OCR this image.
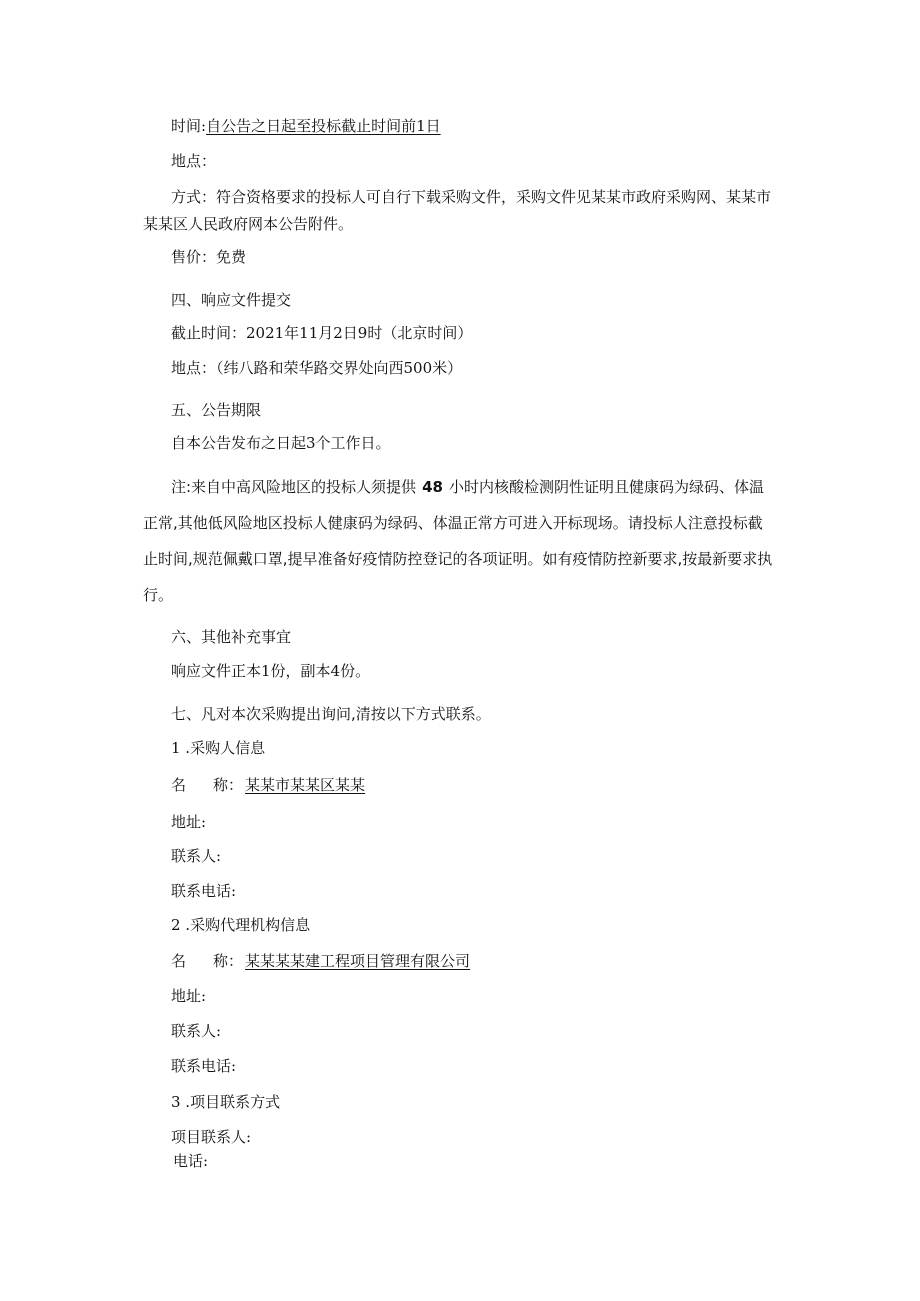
时间:自公告之日起至投标截止时间前1日
地点：
方式：符合资格要求的投标人可自行下载采购文件，采购文件见某某市政府采购网、某某市某某区人民政府网本公告附件。
售价：免费
四、响应文件提交
截止时间：2021年11月2日9时（北京时间）
地点：（纬八路和荣华路交界处向西500米）
五、公告期限
自本公告发布之日起3个工作日。
注:来自中高风险地区的投标人须提供 48 小时内核酸检测阴性证明且健康码为绿码、体温正常,其他低风险地区投标人健康码为绿码、体温正常方可进入开标现场。请投标人注意投标截止时间,规范佩戴口罩,提早准备好疫情防控登记的各项证明。如有疫情防控新要求,按最新要求执行。
六、其他补充事宜
响应文件正本1份，副本4份。
七、凡对本次采购提出询问,清按以下方式联系。
1 .采购人信息
名 称： 某某市某某区某某
地址:
联系人:
联系电话:
2 .采购代理机构信息
名 称： 某某某某建工程项目管理有限公司
地址:
联系人:
联系电话:
3 .项目联系方式
项目联系人:
电话:
